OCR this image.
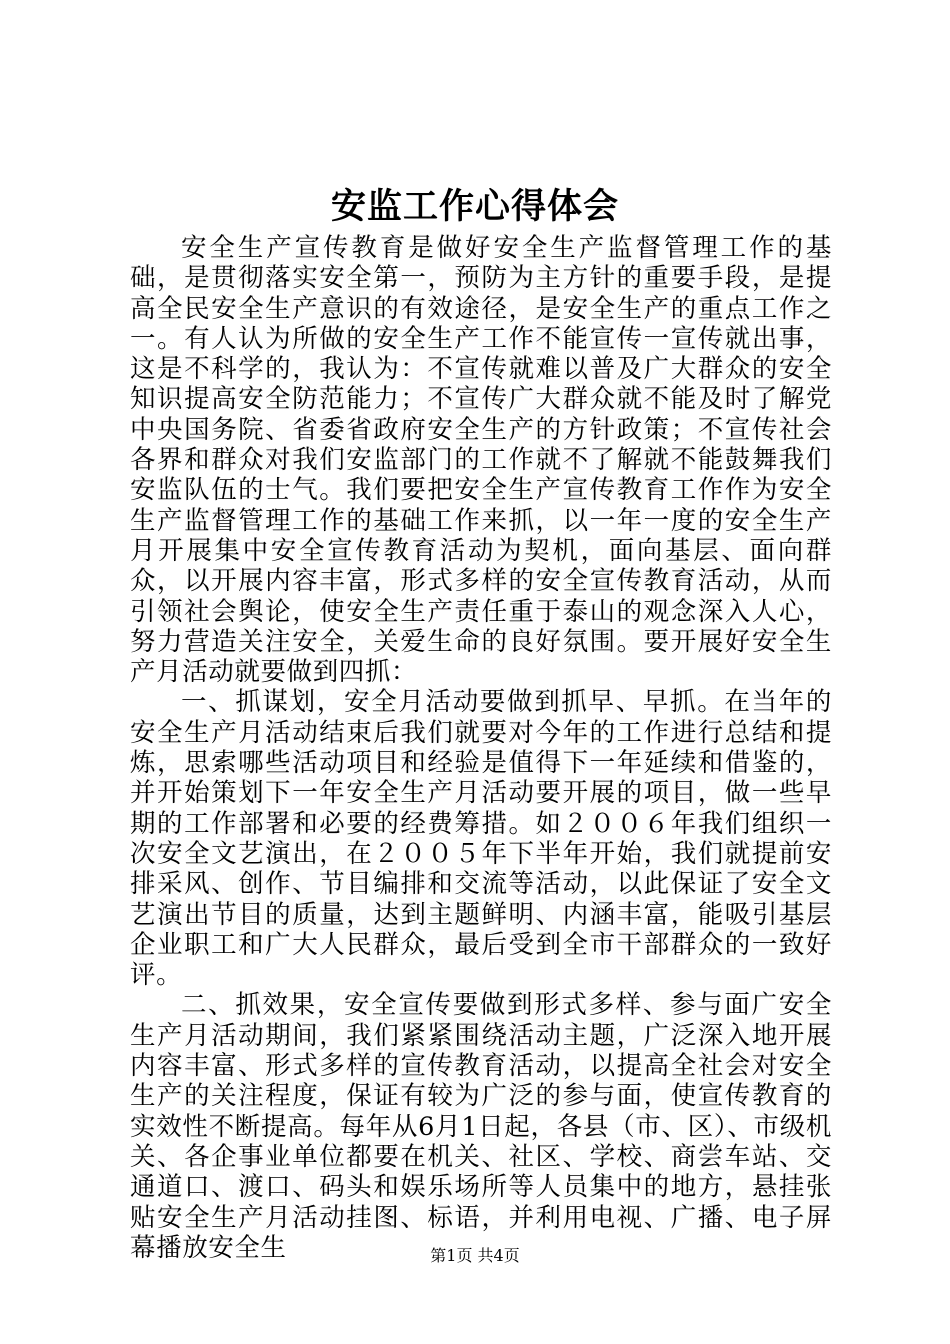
安监工作心得体会

安全生产宣传教育是做好安全生产监督管理工作的基础，是贯彻落实安全第一，预防为主方针的重要手段，是提高全民安全生产意识的有效途径，是安全生产的重点工作之一。有人认为所做的安全生产工作不能宣传一宣传就出事，这是不科学的，我认为：不宣传就难以普及广大群众的安全知识提高安全防范能力；不宣传广大群众就不能及时了解党中央国务院、省委省政府安全生产的方针政策；不宣传社会各界和群众对我们安监部门的工作就不了解就不能鼓舞我们安监队伍的士气。我们要把安全生产宣传教育工作作为安全生产监督管理工作的基础工作来抓，以一年一度的安全生产月开展集中安全宣传教育活动为契机，面向基层、面向群众，以开展内容丰富，形式多样的安全宣传教育活动，从而引领社会舆论，使安全生产责任重于泰山的观念深入人心，努力营造关注安全，关爱生命的良好氛围。要开展好安全生产月活动就要做到四抓：

一、抓谋划，安全月活动要做到抓早、早抓。在当年的安全生产月活动结束后我们就要对今年的工作进行总结和提炼，思索哪些活动项目和经验是值得下一年延续和借鉴的，并开始策划下一年安全生产月活动要开展的项目，做一些早期的工作部署和必要的经费筹措。如２００６年我们组织一次安全文艺演出，在２００５年下半年开始，我们就提前安排采风、创作、节目编排和交流等活动，以此保证了安全文艺演出节目的质量，达到主题鲜明、内涵丰富，能吸引基层企业职工和广大人民群众，最后受到全市干部群众的一致好评。

二、抓效果，安全宣传要做到形式多样、参与面广安全生产月活动期间，我们紧紧围绕活动主题，广泛深入地开展内容丰富、形式多样的宣传教育活动，以提高全社会对安全生产的关注程度，保证有较为广泛的参与面，使宣传教育的实效性不断提高。每年从6月1日起，各县（市、区）、市级机关、各企事业单位都要在机关、社区、学校、商尝车站、交通道口、渡口、码头和娱乐场所等人员集中的地方，悬挂张贴安全生产月活动挂图、标语，并利用电视、广播、电子屏幕播放安全生	第1页 共4页
